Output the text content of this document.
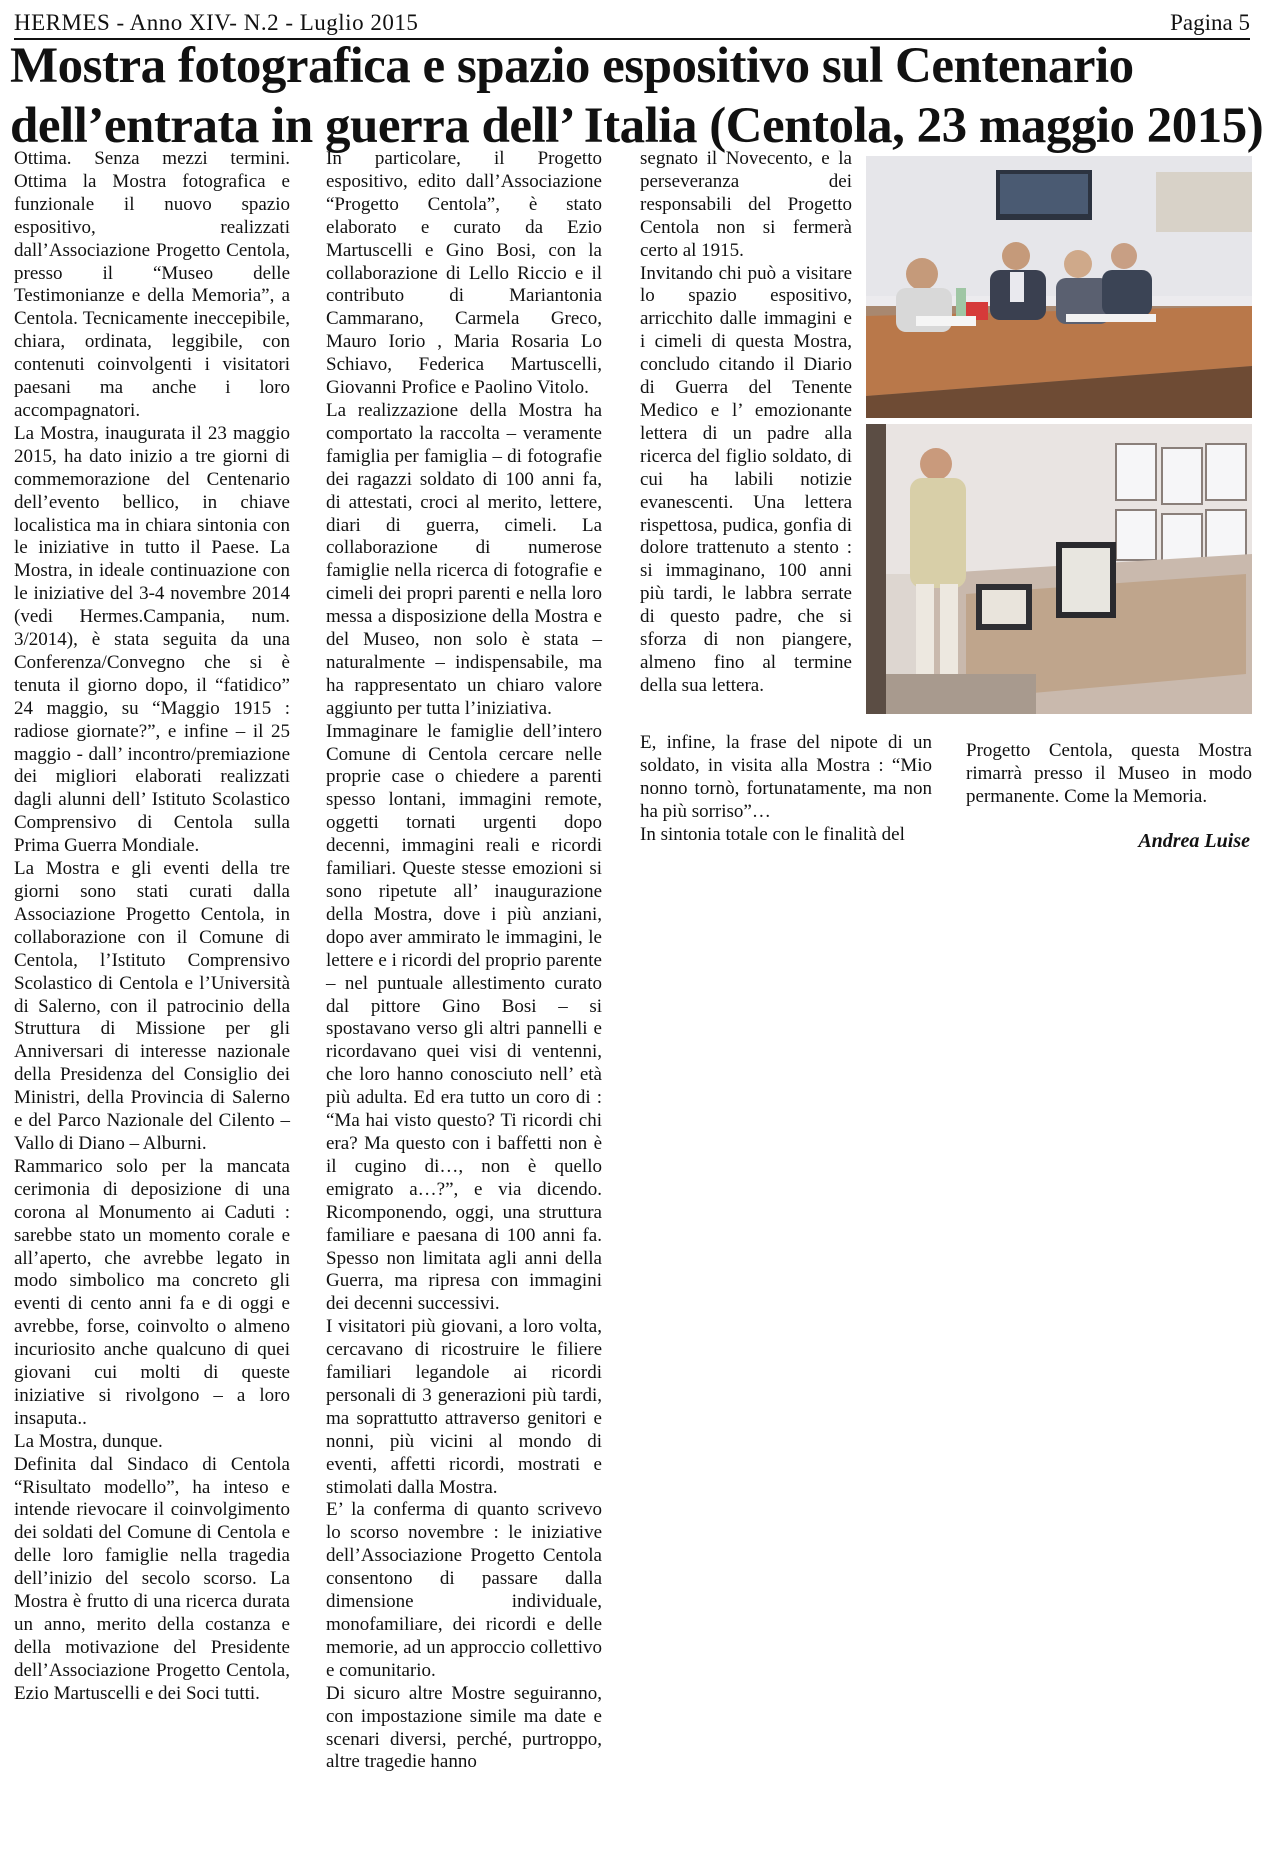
HERMES - Anno XIV- N.2 - Luglio 2015	Pagina 5
Mostra fotografica e spazio espositivo sul Centenario
dell’entrata in guerra dell’ Italia (Centola, 23 maggio 2015)

Ottima. Senza mezzi termini. Ottima la Mostra fotografica e funzionale il nuovo spazio espositivo, realizzati dall’Associazione Progetto Centola, presso il “Museo delle Testimonianze e della Memoria”, a Centola. Tecnicamente ineccepibile, chiara, ordinata, leggibile, con contenuti coinvolgenti i visitatori paesani ma anche i loro accompagnatori.

La Mostra, inaugurata il 23 maggio 2015, ha dato inizio a tre giorni di commemorazione del Centenario dell’evento bellico, in chiave localistica ma in chiara sintonia con le iniziative in tutto il Paese. La Mostra, in ideale continuazione con le iniziative del 3-4 novembre 2014 (vedi Hermes.Campania, num. 3/2014), è stata seguita da una Conferenza/Convegno che si è tenuta il giorno dopo, il “fatidico” 24 maggio, su “Maggio 1915 : radiose giornate?”, e infine – il 25 maggio - dall’ incontro/premiazione dei migliori elaborati realizzati dagli alunni dell’ Istituto Scolastico Comprensivo di Centola sulla Prima Guerra Mondiale.

La Mostra e gli eventi della tre giorni sono stati curati dalla Associazione Progetto Centola, in collaborazione con il Comune di Centola, l’Istituto Comprensivo Scolastico di Centola e l’Università di Salerno, con il patrocinio della Struttura di Missione per gli Anniversari di interesse nazionale della Presidenza del Consiglio dei Ministri, della Provincia di Salerno e del Parco Nazionale del Cilento – Vallo di Diano – Alburni.

Rammarico solo per la mancata cerimonia di deposizione di una corona al Monumento ai Caduti : sarebbe stato un momento corale e all’aperto, che avrebbe legato in modo simbolico ma concreto gli eventi di cento anni fa e di oggi e avrebbe, forse, coinvolto o almeno incuriosito anche qualcuno di quei giovani cui molti di queste iniziative si rivolgono – a loro insaputa..

La Mostra, dunque.

Definita dal Sindaco di Centola “Risultato modello”, ha inteso e intende rievocare il coinvolgimento dei soldati del Comune di Centola e delle loro famiglie nella tragedia dell’inizio del secolo scorso. La Mostra è frutto di una ricerca durata un anno, merito della costanza e della motivazione del Presidente dell’Associazione Progetto Centola, Ezio Martuscelli e dei Soci tutti.

In particolare, il Progetto espositivo, edito dall’Associazione “Progetto Centola”, è stato elaborato e curato da Ezio Martuscelli e Gino Bosi, con la collaborazione di Lello Riccio e il contributo di Mariantonia Cammarano, Carmela Greco, Mauro Iorio , Maria Rosaria Lo Schiavo, Federica Martuscelli, Giovanni Profice e Paolino Vitolo.

La realizzazione della Mostra ha comportato la raccolta – veramente famiglia per famiglia – di fotografie dei ragazzi soldato di 100 anni fa, di attestati, croci al merito, lettere, diari di guerra, cimeli. La collaborazione di numerose famiglie nella ricerca di fotografie e cimeli dei propri parenti e nella loro messa a disposizione della Mostra e del Museo, non solo è stata – naturalmente – indispensabile, ma ha rappresentato un chiaro valore aggiunto per tutta l’iniziativa.

Immaginare le famiglie dell’intero Comune di Centola cercare nelle proprie case o chiedere a parenti spesso lontani, immagini remote, oggetti tornati urgenti dopo decenni, immagini reali e ricordi familiari. Queste stesse emozioni si sono ripetute all’ inaugurazione della Mostra, dove i più anziani, dopo aver ammirato le immagini, le lettere e i ricordi del proprio parente – nel puntuale allestimento curato dal pittore Gino Bosi – si spostavano verso gli altri pannelli e ricordavano quei visi di ventenni, che loro hanno conosciuto nell’ età più adulta. Ed era tutto un coro di : “Ma hai visto questo? Ti ricordi chi era? Ma questo con i baffetti non è il cugino di…, non è quello emigrato a…?”, e via dicendo. Ricomponendo, oggi, una struttura familiare e paesana di 100 anni fa. Spesso non limitata agli anni della Guerra, ma ripresa con immagini dei decenni successivi.

I visitatori più giovani, a loro volta, cercavano di ricostruire le filiere familiari legandole ai ricordi personali di 3 generazioni più tardi, ma soprattutto attraverso genitori e nonni, più vicini al mondo di eventi, affetti ricordi, mostrati e stimolati dalla Mostra.

E’ la conferma di quanto scrivevo lo scorso novembre : le iniziative dell’Associazione Progetto Centola consentono di passare dalla dimensione individuale, monofamiliare, dei ricordi e delle memorie, ad un approccio collettivo e comunitario.

Di sicuro altre Mostre seguiranno, con impostazione simile ma date e scenari diversi, perché, purtroppo, altre tragedie hanno

segnato il Novecento, e la perseveranza dei responsabili del Progetto Centola non si fermerà certo al 1915.

Invitando chi può a visitare lo spazio espositivo, arricchito dalle immagini e i cimeli di questa Mostra, concludo citando il Diario di Guerra del Tenente Medico e l’ emozionante lettera di un padre alla ricerca del figlio soldato, di cui ha labili notizie evanescenti. Una lettera rispettosa, pudica, gonfia di dolore trattenuto a stento : si immaginano, 100 anni più tardi, le labbra serrate di questo padre, che si sforza di non piangere, almeno fino al termine della sua lettera.

E, infine, la frase del nipote di un soldato, in visita alla Mostra : “Mio nonno tornò, fortunatamente, ma non ha più sorriso”…

In sintonia totale con le finalità del

Progetto Centola, questa Mostra rimarrà presso il Museo in modo permanente. Come la Memoria.

Andrea Luise
